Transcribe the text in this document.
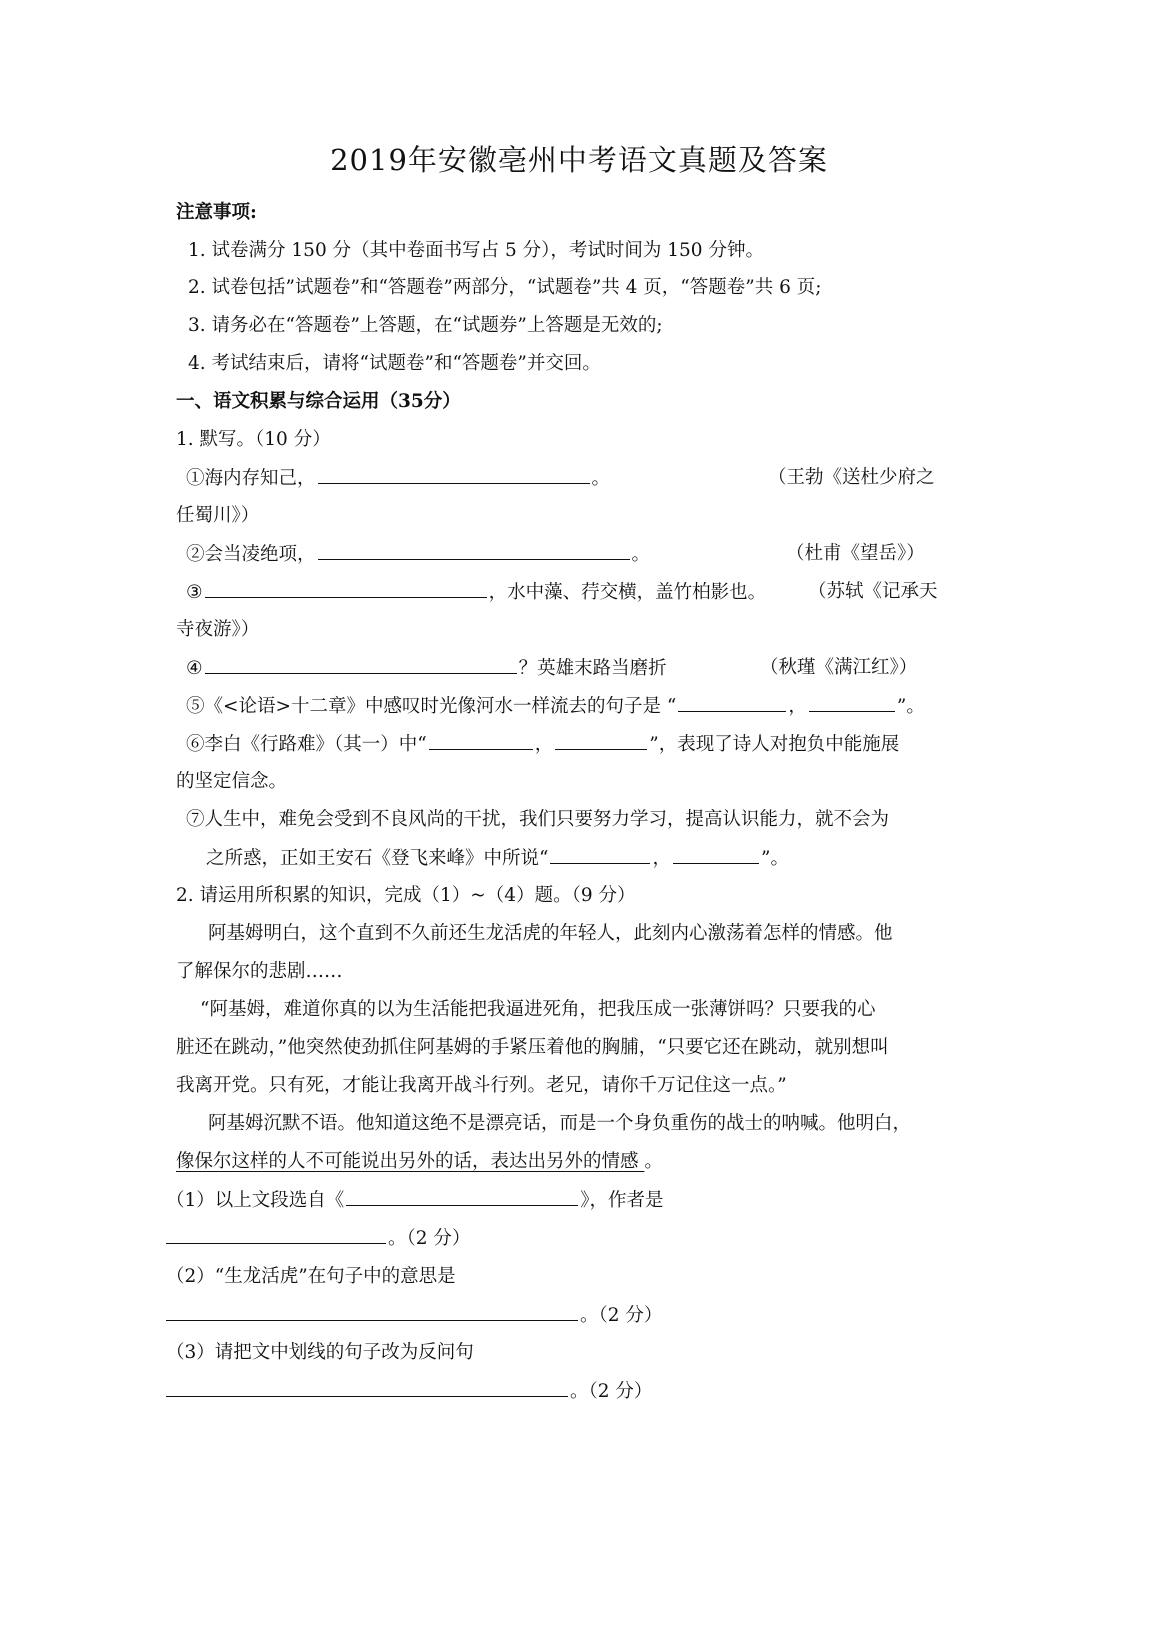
2019年安徽亳州中考语文真题及答案
注意事项:
1. 试卷满分 150 分（其中卷面书写占 5 分），考试时间为 150 分钟。
2. 试卷包括”试题卷”和“答题卷”两部分，“试题卷”共 4 页，“答题卷”共 6 页;
3. 请务必在“答题卷”上答题，在“试题券”上答题是无效的;
4. 考试结束后，请将“试题卷”和“答题卷”并交回。
一、语文积累与综合运用（35分）
1. 默写。（10 分）
①海内存知己，	。	（王勃《送杜少府之
任蜀川》）
②会当凌绝项，	。	（杜甫《望岳》）
③	，水中藻、荇交横，盖竹柏影也。 （苏轼《记承天
寺夜游》）
④	？英雄末路当磨折	（秋瑾《满江红》）
⑤《<论语>十二章》中感叹时光像河水一样流去的句子是 “	，	”。
⑥李白《行路难》（其一）中“	，	”，表现了诗人对抱负中能施展
的坚定信念。
⑦人生中，难免会受到不良风尚的干扰，我们只要努力学习，提高认识能力，就不会为
之所惑，正如王安石《登飞来峰》中所说“	，	”。
2. 请运用所积累的知识，完成（1）~（4）题。（9 分）
阿基姆明白，这个直到不久前还生龙活虎的年轻人，此刻内心激荡着怎样的情感。他
了解保尔的悲剧……
“阿基姆，难道你真的以为生活能把我逼进死角，把我压成一张薄饼吗？只要我的心
脏还在跳动，”他突然使劲抓住阿基姆的手紧压着他的胸脯，“只要它还在跳动，就别想叫
我离开党。只有死，才能让我离开战斗行列。老兄，请你千万记住这一点。”
阿基姆沉默不语。他知道这绝不是漂亮话，而是一个身负重伤的战士的呐喊。他明白，
像保尔这样的人不可能说出另外的话，表达出另外的情感 。
（1）以上文段选自《	》，作者是
。（2 分）
（2）“生龙活虎”在句子中的意思是
。（2 分）
（3）请把文中划线的句子改为反问句
。（2 分）
